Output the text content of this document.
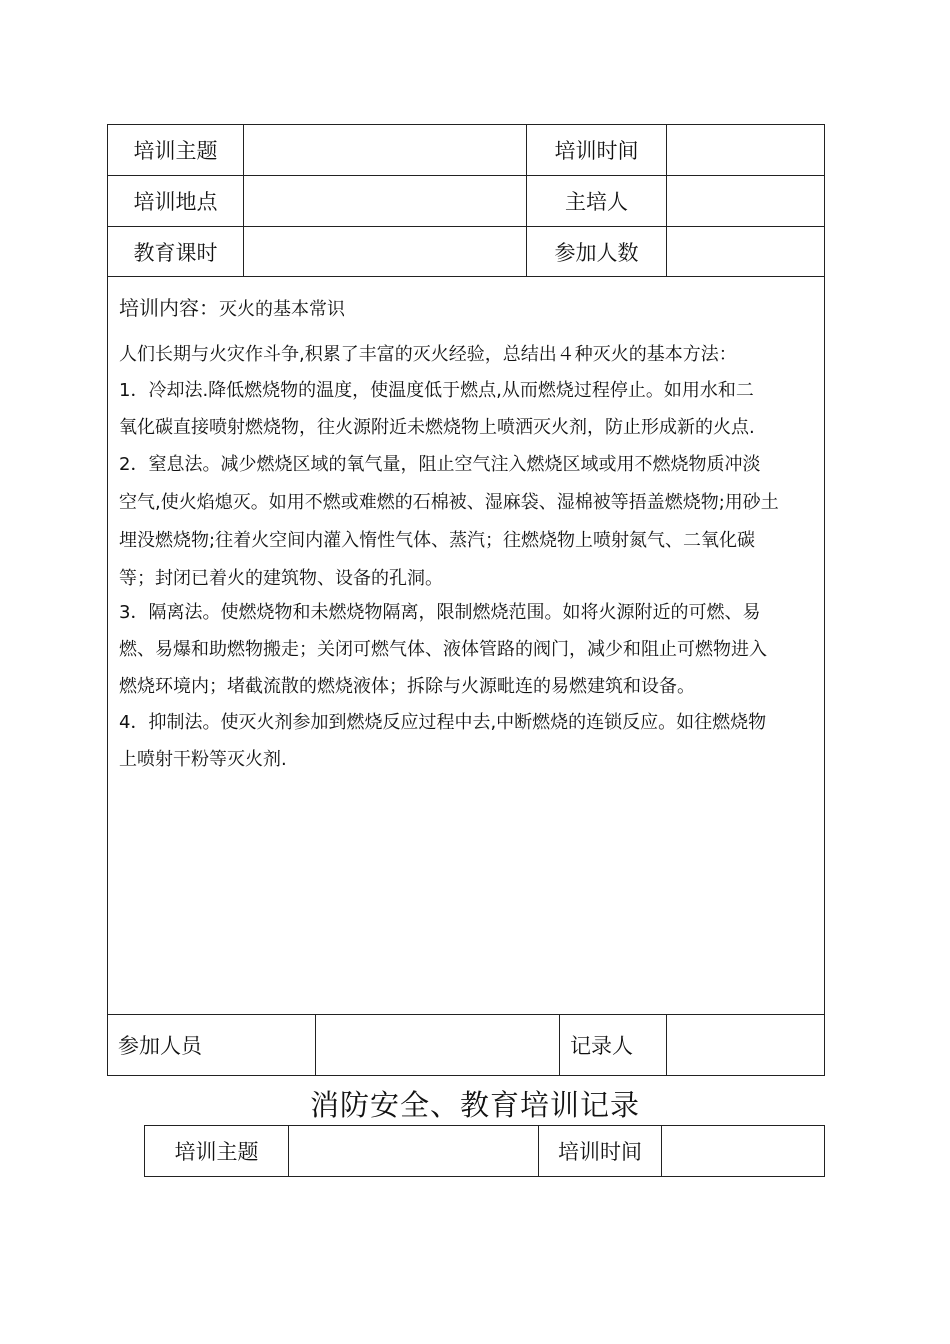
培训主题	培训时间
培训地点	主培人
教育课时	参加人数
培训内容：灭火的基本常识
人们长期与火灾作斗争,积累了丰富的灭火经验，总结出４种灭火的基本方法：
1．冷却法.降低燃烧物的温度，使温度低于燃点,从而燃烧过程停止。如用水和二
氧化碳直接喷射燃烧物，往火源附近未燃烧物上喷洒灭火剂，防止形成新的火点.
2．窒息法。减少燃烧区域的氧气量，阻止空气注入燃烧区域或用不燃烧物质冲淡
空气,使火焰熄灭。如用不燃或难燃的石棉被、湿麻袋、湿棉被等捂盖燃烧物;用砂土
埋没燃烧物;往着火空间内灌入惰性气体、蒸汽；往燃烧物上喷射氮气、二氧化碳
等；封闭已着火的建筑物、设备的孔洞。
3．隔离法。使燃烧物和未燃烧物隔离，限制燃烧范围。如将火源附近的可燃、易
燃、易爆和助燃物搬走；关闭可燃气体、液体管路的阀门，减少和阻止可燃物进入
燃烧环境内；堵截流散的燃烧液体；拆除与火源毗连的易燃建筑和设备。
4．抑制法。使灭火剂参加到燃烧反应过程中去,中断燃烧的连锁反应。如往燃烧物
上喷射干粉等灭火剂.
参加人员	记录人
消防安全、教育培训记录
培训主题	培训时间
